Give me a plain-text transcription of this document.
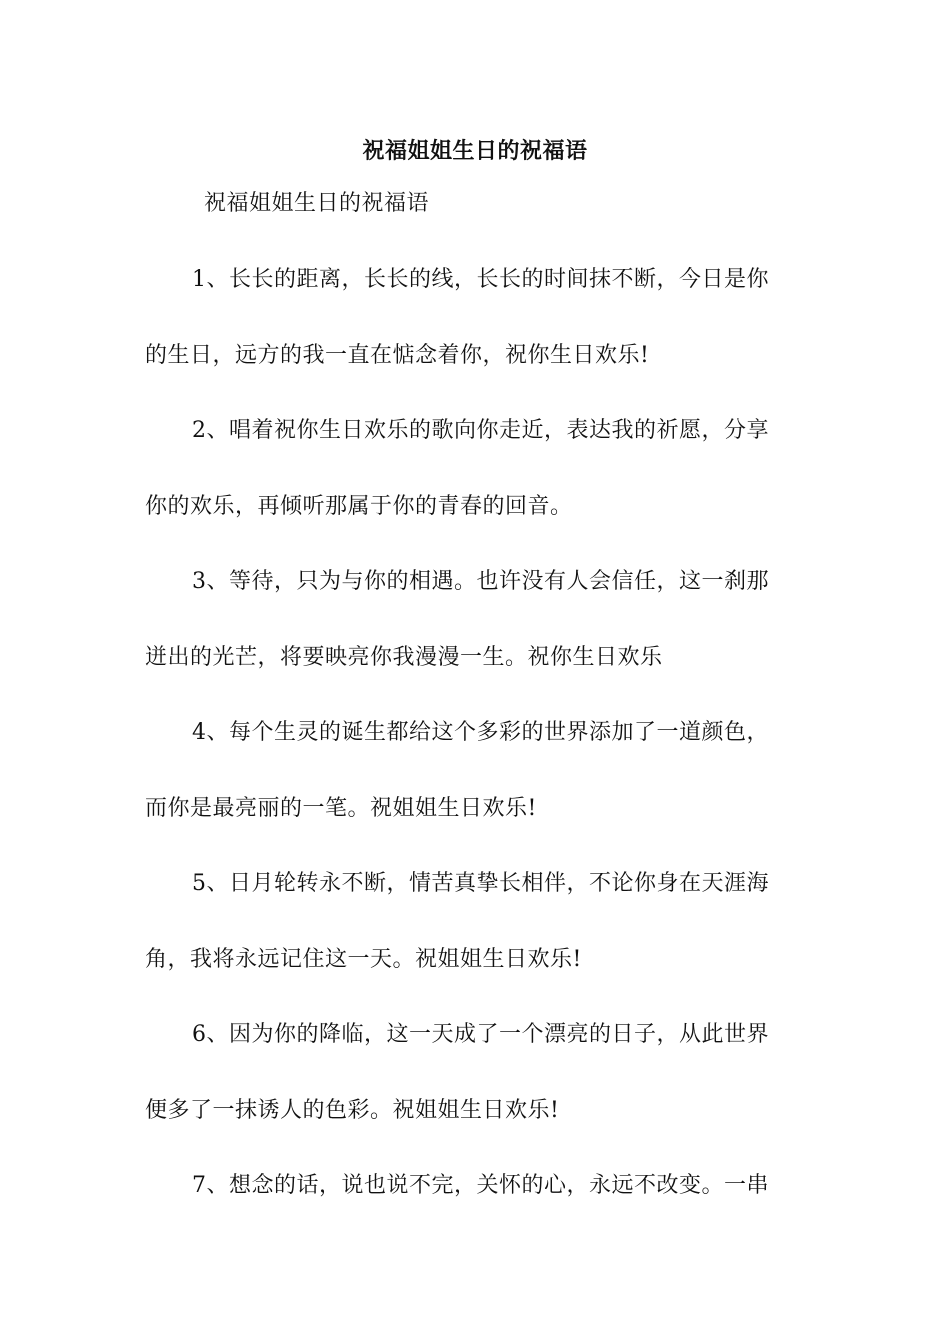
祝福姐姐生日的祝福语
祝福姐姐生日的祝福语
1、长长的距离，长长的线，长长的时间抹不断，今日是你
的生日，远方的我一直在惦念着你，祝你生日欢乐!
2、唱着祝你生日欢乐的歌向你走近，表达我的祈愿，分享
你的欢乐，再倾听那属于你的青春的回音。
3、等待，只为与你的相遇。也许没有人会信任，这一刹那
迸出的光芒，将要映亮你我漫漫一生。祝你生日欢乐
4、每个生灵的诞生都给这个多彩的世界添加了一道颜色，
而你是最亮丽的一笔。祝姐姐生日欢乐!
5、日月轮转永不断，情苦真挚长相伴，不论你身在天涯海
角，我将永远记住这一天。祝姐姐生日欢乐!
6、因为你的降临，这一天成了一个漂亮的日子，从此世界
便多了一抹诱人的色彩。祝姐姐生日欢乐!
7、想念的话，说也说不完，关怀的心，永远不改变。一串
